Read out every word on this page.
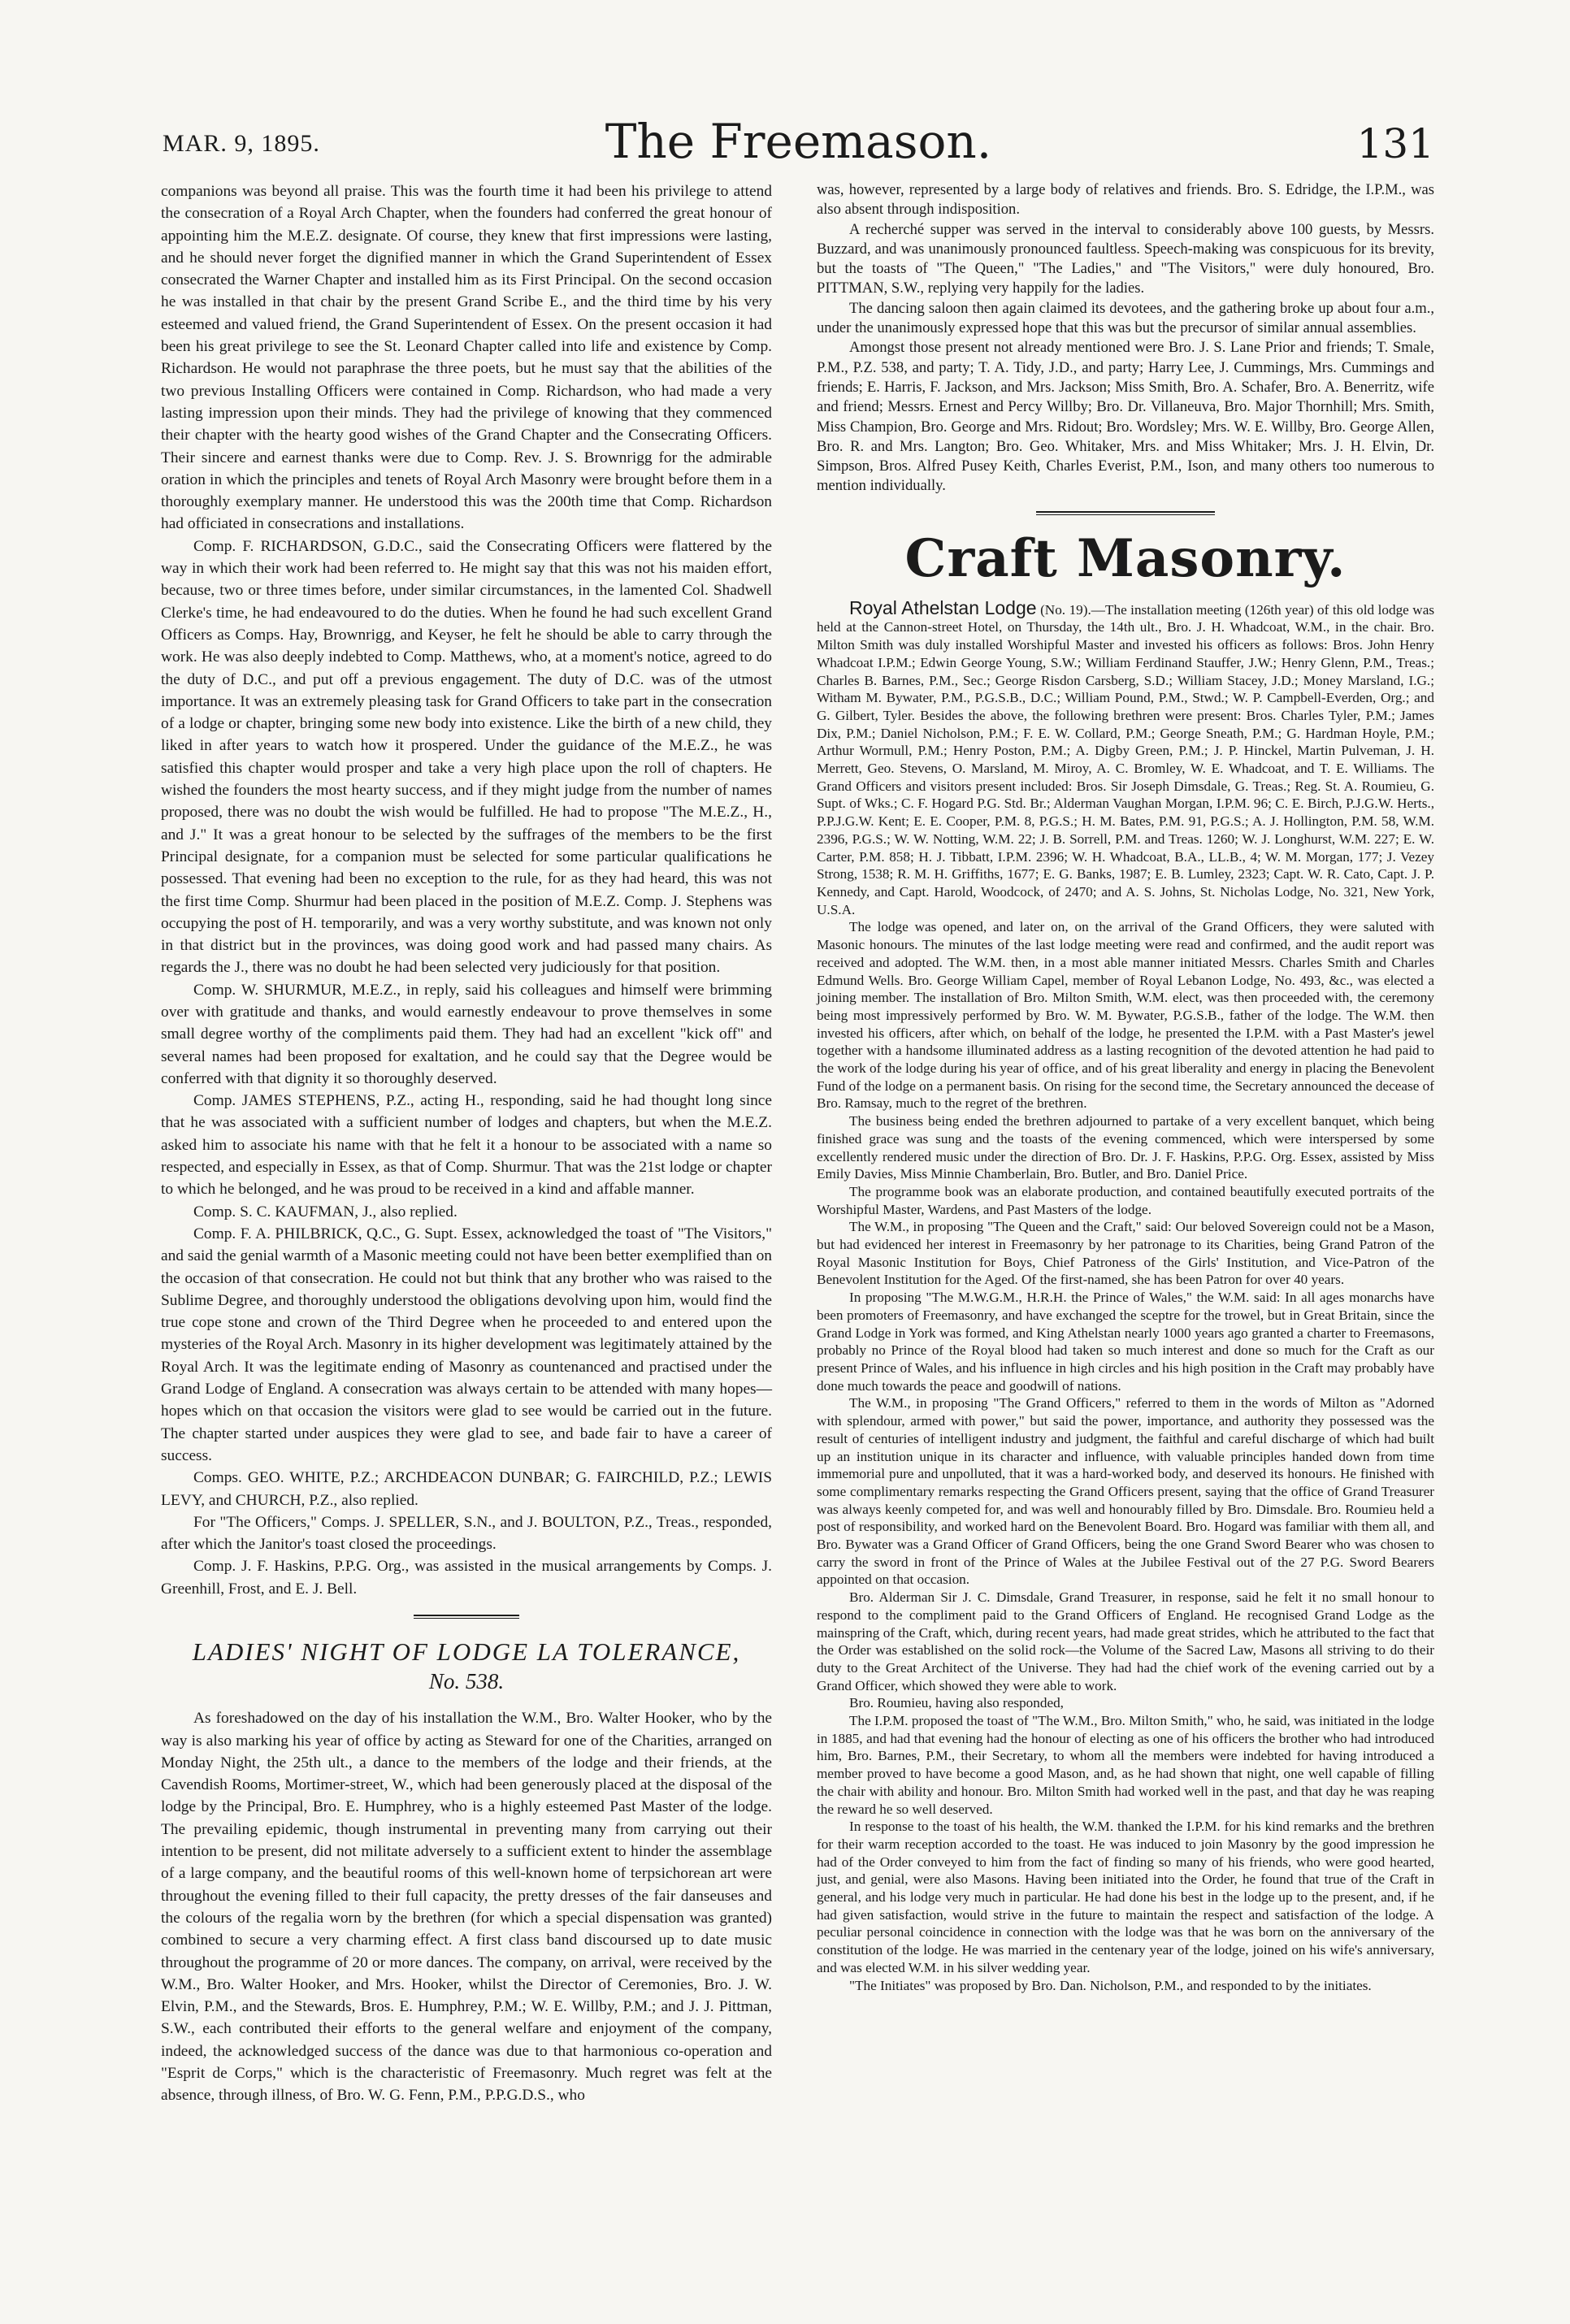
MAR. 9, 1895.	The Freemason.	131

companions was beyond all praise. This was the fourth time it had been his privilege to attend the consecration of a Royal Arch Chapter, when the founders had conferred the great honour of appointing him the M.E.Z. designate. Of course, they knew that first impressions were lasting, and he should never forget the dignified manner in which the Grand Superintendent of Essex consecrated the Warner Chapter and installed him as its First Principal. On the second occasion he was installed in that chair by the present Grand Scribe E., and the third time by his very esteemed and valued friend, the Grand Superintendent of Essex. On the present occasion it had been his great privilege to see the St. Leonard Chapter called into life and existence by Comp. Richardson. He would not paraphrase the three poets, but he must say that the abilities of the two previous Installing Officers were contained in Comp. Richardson, who had made a very lasting impression upon their minds. They had the privilege of knowing that they commenced their chapter with the hearty good wishes of the Grand Chapter and the Consecrating Officers. Their sincere and earnest thanks were due to Comp. Rev. J. S. Brownrigg for the admirable oration in which the principles and tenets of Royal Arch Masonry were brought before them in a thoroughly exemplary manner. He understood this was the 200th time that Comp. Richardson had officiated in consecrations and installations.

Comp. F. RICHARDSON, G.D.C., said the Consecrating Officers were flattered by the way in which their work had been referred to. He might say that this was not his maiden effort, because, two or three times before, under similar circumstances, in the lamented Col. Shadwell Clerke's time, he had endeavoured to do the duties. When he found he had such excellent Grand Officers as Comps. Hay, Brownrigg, and Keyser, he felt he should be able to carry through the work. He was also deeply indebted to Comp. Matthews, who, at a moment's notice, agreed to do the duty of D.C., and put off a previous engagement. The duty of D.C. was of the utmost importance. It was an extremely pleasing task for Grand Officers to take part in the consecration of a lodge or chapter, bringing some new body into existence. Like the birth of a new child, they liked in after years to watch how it prospered. Under the guidance of the M.E.Z., he was satisfied this chapter would prosper and take a very high place upon the roll of chapters. He wished the founders the most hearty success, and if they might judge from the number of names proposed, there was no doubt the wish would be fulfilled. He had to propose "The M.E.Z., H., and J." It was a great honour to be selected by the suffrages of the members to be the first Principal designate, for a companion must be selected for some particular qualifications he possessed. That evening had been no exception to the rule, for as they had heard, this was not the first time Comp. Shurmur had been placed in the position of M.E.Z. Comp. J. Stephens was occupying the post of H. temporarily, and was a very worthy substitute, and was known not only in that district but in the provinces, was doing good work and had passed many chairs. As regards the J., there was no doubt he had been selected very judiciously for that position.

Comp. W. SHURMUR, M.E.Z., in reply, said his colleagues and himself were brimming over with gratitude and thanks, and would earnestly endeavour to prove themselves in some small degree worthy of the compliments paid them. They had had an excellent "kick off" and several names had been proposed for exaltation, and he could say that the Degree would be conferred with that dignity it so thoroughly deserved.

Comp. JAMES STEPHENS, P.Z., acting H., responding, said he had thought long since that he was associated with a sufficient number of lodges and chapters, but when the M.E.Z. asked him to associate his name with that he felt it a honour to be associated with a name so respected, and especially in Essex, as that of Comp. Shurmur. That was the 21st lodge or chapter to which he belonged, and he was proud to be received in a kind and affable manner.

Comp. S. C. KAUFMAN, J., also replied.

Comp. F. A. PHILBRICK, Q.C., G. Supt. Essex, acknowledged the toast of "The Visitors," and said the genial warmth of a Masonic meeting could not have been better exemplified than on the occasion of that consecration. He could not but think that any brother who was raised to the Sublime Degree, and thoroughly understood the obligations devolving upon him, would find the true cope stone and crown of the Third Degree when he proceeded to and entered upon the mysteries of the Royal Arch. Masonry in its higher development was legitimately attained by the Royal Arch. It was the legitimate ending of Masonry as countenanced and practised under the Grand Lodge of England. A consecration was always certain to be attended with many hopes—hopes which on that occasion the visitors were glad to see would be carried out in the future. The chapter started under auspices they were glad to see, and bade fair to have a career of success.

Comps. GEO. WHITE, P.Z.; ARCHDEACON DUNBAR; G. FAIRCHILD, P.Z.; LEWIS LEVY, and CHURCH, P.Z., also replied.

For "The Officers," Comps. J. SPELLER, S.N., and J. BOULTON, P.Z., Treas., responded, after which the Janitor's toast closed the proceedings.

Comp. J. F. Haskins, P.P.G. Org., was assisted in the musical arrangements by Comps. J. Greenhill, Frost, and E. J. Bell.

LADIES' NIGHT OF LODGE LA TOLERANCE,
No. 538.

As foreshadowed on the day of his installation the W.M., Bro. Walter Hooker, who by the way is also marking his year of office by acting as Steward for one of the Charities, arranged on Monday Night, the 25th ult., a dance to the members of the lodge and their friends, at the Cavendish Rooms, Mortimer-street, W., which had been generously placed at the disposal of the lodge by the Principal, Bro. E. Humphrey, who is a highly esteemed Past Master of the lodge. The prevailing epidemic, though instrumental in preventing many from carrying out their intention to be present, did not militate adversely to a sufficient extent to hinder the assemblage of a large company, and the beautiful rooms of this well-known home of terpsichorean art were throughout the evening filled to their full capacity, the pretty dresses of the fair danseuses and the colours of the regalia worn by the brethren (for which a special dispensation was granted) combined to secure a very charming effect. A first class band discoursed up to date music throughout the programme of 20 or more dances. The company, on arrival, were received by the W.M., Bro. Walter Hooker, and Mrs. Hooker, whilst the Director of Ceremonies, Bro. J. W. Elvin, P.M., and the Stewards, Bros. E. Humphrey, P.M.; W. E. Willby, P.M.; and J. J. Pittman, S.W., each contributed their efforts to the general welfare and enjoyment of the company, indeed, the acknowledged success of the dance was due to that harmonious co-operation and "Esprit de Corps," which is the characteristic of Freemasonry. Much regret was felt at the absence, through illness, of Bro. W. G. Fenn, P.M., P.P.G.D.S., who

was, however, represented by a large body of relatives and friends. Bro. S. Edridge, the I.P.M., was also absent through indisposition.

A recherché supper was served in the interval to considerably above 100 guests, by Messrs. Buzzard, and was unanimously pronounced faultless. Speech-making was conspicuous for its brevity, but the toasts of "The Queen," "The Ladies," and "The Visitors," were duly honoured, Bro. PITTMAN, S.W., replying very happily for the ladies.

The dancing saloon then again claimed its devotees, and the gathering broke up about four a.m., under the unanimously expressed hope that this was but the precursor of similar annual assemblies.

Amongst those present not already mentioned were Bro. J. S. Lane Prior and friends; T. Smale, P.M., P.Z. 538, and party; T. A. Tidy, J.D., and party; Harry Lee, J. Cummings, Mrs. Cummings and friends; E. Harris, F. Jackson, and Mrs. Jackson; Miss Smith, Bro. A. Schafer, Bro. A. Benerritz, wife and friend; Messrs. Ernest and Percy Willby; Bro. Dr. Villaneuva, Bro. Major Thornhill; Mrs. Smith, Miss Champion, Bro. George and Mrs. Ridout; Bro. Wordsley; Mrs. W. E. Willby, Bro. George Allen, Bro. R. and Mrs. Langton; Bro. Geo. Whitaker, Mrs. and Miss Whitaker; Mrs. J. H. Elvin, Dr. Simpson, Bros. Alfred Pusey Keith, Charles Everist, P.M., Ison, and many others too numerous to mention individually.

Craft Masonry.

Royal Athelstan Lodge (No. 19).—The installation meeting (126th year) of this old lodge was held at the Cannon-street Hotel, on Thursday, the 14th ult., Bro. J. H. Whadcoat, W.M., in the chair. Bro. Milton Smith was duly installed Worshipful Master and invested his officers as follows: Bros. John Henry Whadcoat I.P.M.; Edwin George Young, S.W.; William Ferdinand Stauffer, J.W.; Henry Glenn, P.M., Treas.; Charles B. Barnes, P.M., Sec.; George Risdon Carsberg, S.D.; William Stacey, J.D.; Money Marsland, I.G.; Witham M. Bywater, P.M., P.G.S.B., D.C.; William Pound, P.M., Stwd.; W. P. Campbell-Everden, Org.; and G. Gilbert, Tyler. Besides the above, the following brethren were present: Bros. Charles Tyler, P.M.; James Dix, P.M.; Daniel Nicholson, P.M.; F. E. W. Collard, P.M.; George Sneath, P.M.; G. Hardman Hoyle, P.M.; Arthur Wormull, P.M.; Henry Poston, P.M.; A. Digby Green, P.M.; J. P. Hinckel, Martin Pulveman, J. H. Merrett, Geo. Stevens, O. Marsland, M. Miroy, A. C. Bromley, W. E. Whadcoat, and T. E. Williams. The Grand Officers and visitors present included: Bros. Sir Joseph Dimsdale, G. Treas.; Reg. St. A. Roumieu, G. Supt. of Wks.; C. F. Hogard P.G. Std. Br.; Alderman Vaughan Morgan, I.P.M. 96; C. E. Birch, P.J.G.W. Herts., P.P.J.G.W. Kent; E. E. Cooper, P.M. 8, P.G.S.; H. M. Bates, P.M. 91, P.G.S.; A. J. Hollington, P.M. 58, W.M. 2396, P.G.S.; W. W. Notting, W.M. 22; J. B. Sorrell, P.M. and Treas. 1260; W. J. Longhurst, W.M. 227; E. W. Carter, P.M. 858; H. J. Tibbatt, I.P.M. 2396; W. H. Whadcoat, B.A., LL.B., 4; W. M. Morgan, 177; J. Vezey Strong, 1538; R. M. H. Griffiths, 1677; E. G. Banks, 1987; E. B. Lumley, 2323; Capt. W. R. Cato, Capt. J. P. Kennedy, and Capt. Harold, Woodcock, of 2470; and A. S. Johns, St. Nicholas Lodge, No. 321, New York, U.S.A.

The lodge was opened, and later on, on the arrival of the Grand Officers, they were saluted with Masonic honours. The minutes of the last lodge meeting were read and confirmed, and the audit report was received and adopted. The W.M. then, in a most able manner initiated Messrs. Charles Smith and Charles Edmund Wells. Bro. George William Capel, member of Royal Lebanon Lodge, No. 493, &c., was elected a joining member. The installation of Bro. Milton Smith, W.M. elect, was then proceeded with, the ceremony being most impressively performed by Bro. W. M. Bywater, P.G.S.B., father of the lodge. The W.M. then invested his officers, after which, on behalf of the lodge, he presented the I.P.M. with a Past Master's jewel together with a handsome illuminated address as a lasting recognition of the devoted attention he had paid to the work of the lodge during his year of office, and of his great liberality and energy in placing the Benevolent Fund of the lodge on a permanent basis. On rising for the second time, the Secretary announced the decease of Bro. Ramsay, much to the regret of the brethren.

The business being ended the brethren adjourned to partake of a very excellent banquet, which being finished grace was sung and the toasts of the evening commenced, which were interspersed by some excellently rendered music under the direction of Bro. Dr. J. F. Haskins, P.P.G. Org. Essex, assisted by Miss Emily Davies, Miss Minnie Chamberlain, Bro. Butler, and Bro. Daniel Price.

The programme book was an elaborate production, and contained beautifully executed portraits of the Worshipful Master, Wardens, and Past Masters of the lodge.

The W.M., in proposing "The Queen and the Craft," said: Our beloved Sovereign could not be a Mason, but had evidenced her interest in Freemasonry by her patronage to its Charities, being Grand Patron of the Royal Masonic Institution for Boys, Chief Patroness of the Girls' Institution, and Vice-Patron of the Benevolent Institution for the Aged. Of the first-named, she has been Patron for over 40 years.

In proposing "The M.W.G.M., H.R.H. the Prince of Wales," the W.M. said: In all ages monarchs have been promoters of Freemasonry, and have exchanged the sceptre for the trowel, but in Great Britain, since the Grand Lodge in York was formed, and King Athelstan nearly 1000 years ago granted a charter to Freemasons, probably no Prince of the Royal blood had taken so much interest and done so much for the Craft as our present Prince of Wales, and his influence in high circles and his high position in the Craft may probably have done much towards the peace and goodwill of nations.

The W.M., in proposing "The Grand Officers," referred to them in the words of Milton as "Adorned with splendour, armed with power," but said the power, importance, and authority they possessed was the result of centuries of intelligent industry and judgment, the faithful and careful discharge of which had built up an institution unique in its character and influence, with valuable principles handed down from time immemorial pure and unpolluted, that it was a hard-worked body, and deserved its honours. He finished with some complimentary remarks respecting the Grand Officers present, saying that the office of Grand Treasurer was always keenly competed for, and was well and honourably filled by Bro. Dimsdale. Bro. Roumieu held a post of responsibility, and worked hard on the Benevolent Board. Bro. Hogard was familiar with them all, and Bro. Bywater was a Grand Officer of Grand Officers, being the one Grand Sword Bearer who was chosen to carry the sword in front of the Prince of Wales at the Jubilee Festival out of the 27 P.G. Sword Bearers appointed on that occasion.

Bro. Alderman Sir J. C. Dimsdale, Grand Treasurer, in response, said he felt it no small honour to respond to the compliment paid to the Grand Officers of England. He recognised Grand Lodge as the mainspring of the Craft, which, during recent years, had made great strides, which he attributed to the fact that the Order was established on the solid rock—the Volume of the Sacred Law, Masons all striving to do their duty to the Great Architect of the Universe. They had had the chief work of the evening carried out by a Grand Officer, which showed they were able to work.

Bro. Roumieu, having also responded,

The I.P.M. proposed the toast of "The W.M., Bro. Milton Smith," who, he said, was initiated in the lodge in 1885, and had that evening had the honour of electing as one of his officers the brother who had introduced him, Bro. Barnes, P.M., their Secretary, to whom all the members were indebted for having introduced a member proved to have become a good Mason, and, as he had shown that night, one well capable of filling the chair with ability and honour. Bro. Milton Smith had worked well in the past, and that day he was reaping the reward he so well deserved.

In response to the toast of his health, the W.M. thanked the I.P.M. for his kind remarks and the brethren for their warm reception accorded to the toast. He was induced to join Masonry by the good impression he had of the Order conveyed to him from the fact of finding so many of his friends, who were good hearted, just, and genial, were also Masons. Having been initiated into the Order, he found that true of the Craft in general, and his lodge very much in particular. He had done his best in the lodge up to the present, and, if he had given satisfaction, would strive in the future to maintain the respect and satisfaction of the lodge. A peculiar personal coincidence in connection with the lodge was that he was born on the anniversary of the constitution of the lodge. He was married in the centenary year of the lodge, joined on his wife's anniversary, and was elected W.M. in his silver wedding year.

"The Initiates" was proposed by Bro. Dan. Nicholson, P.M., and responded to by the initiates.
